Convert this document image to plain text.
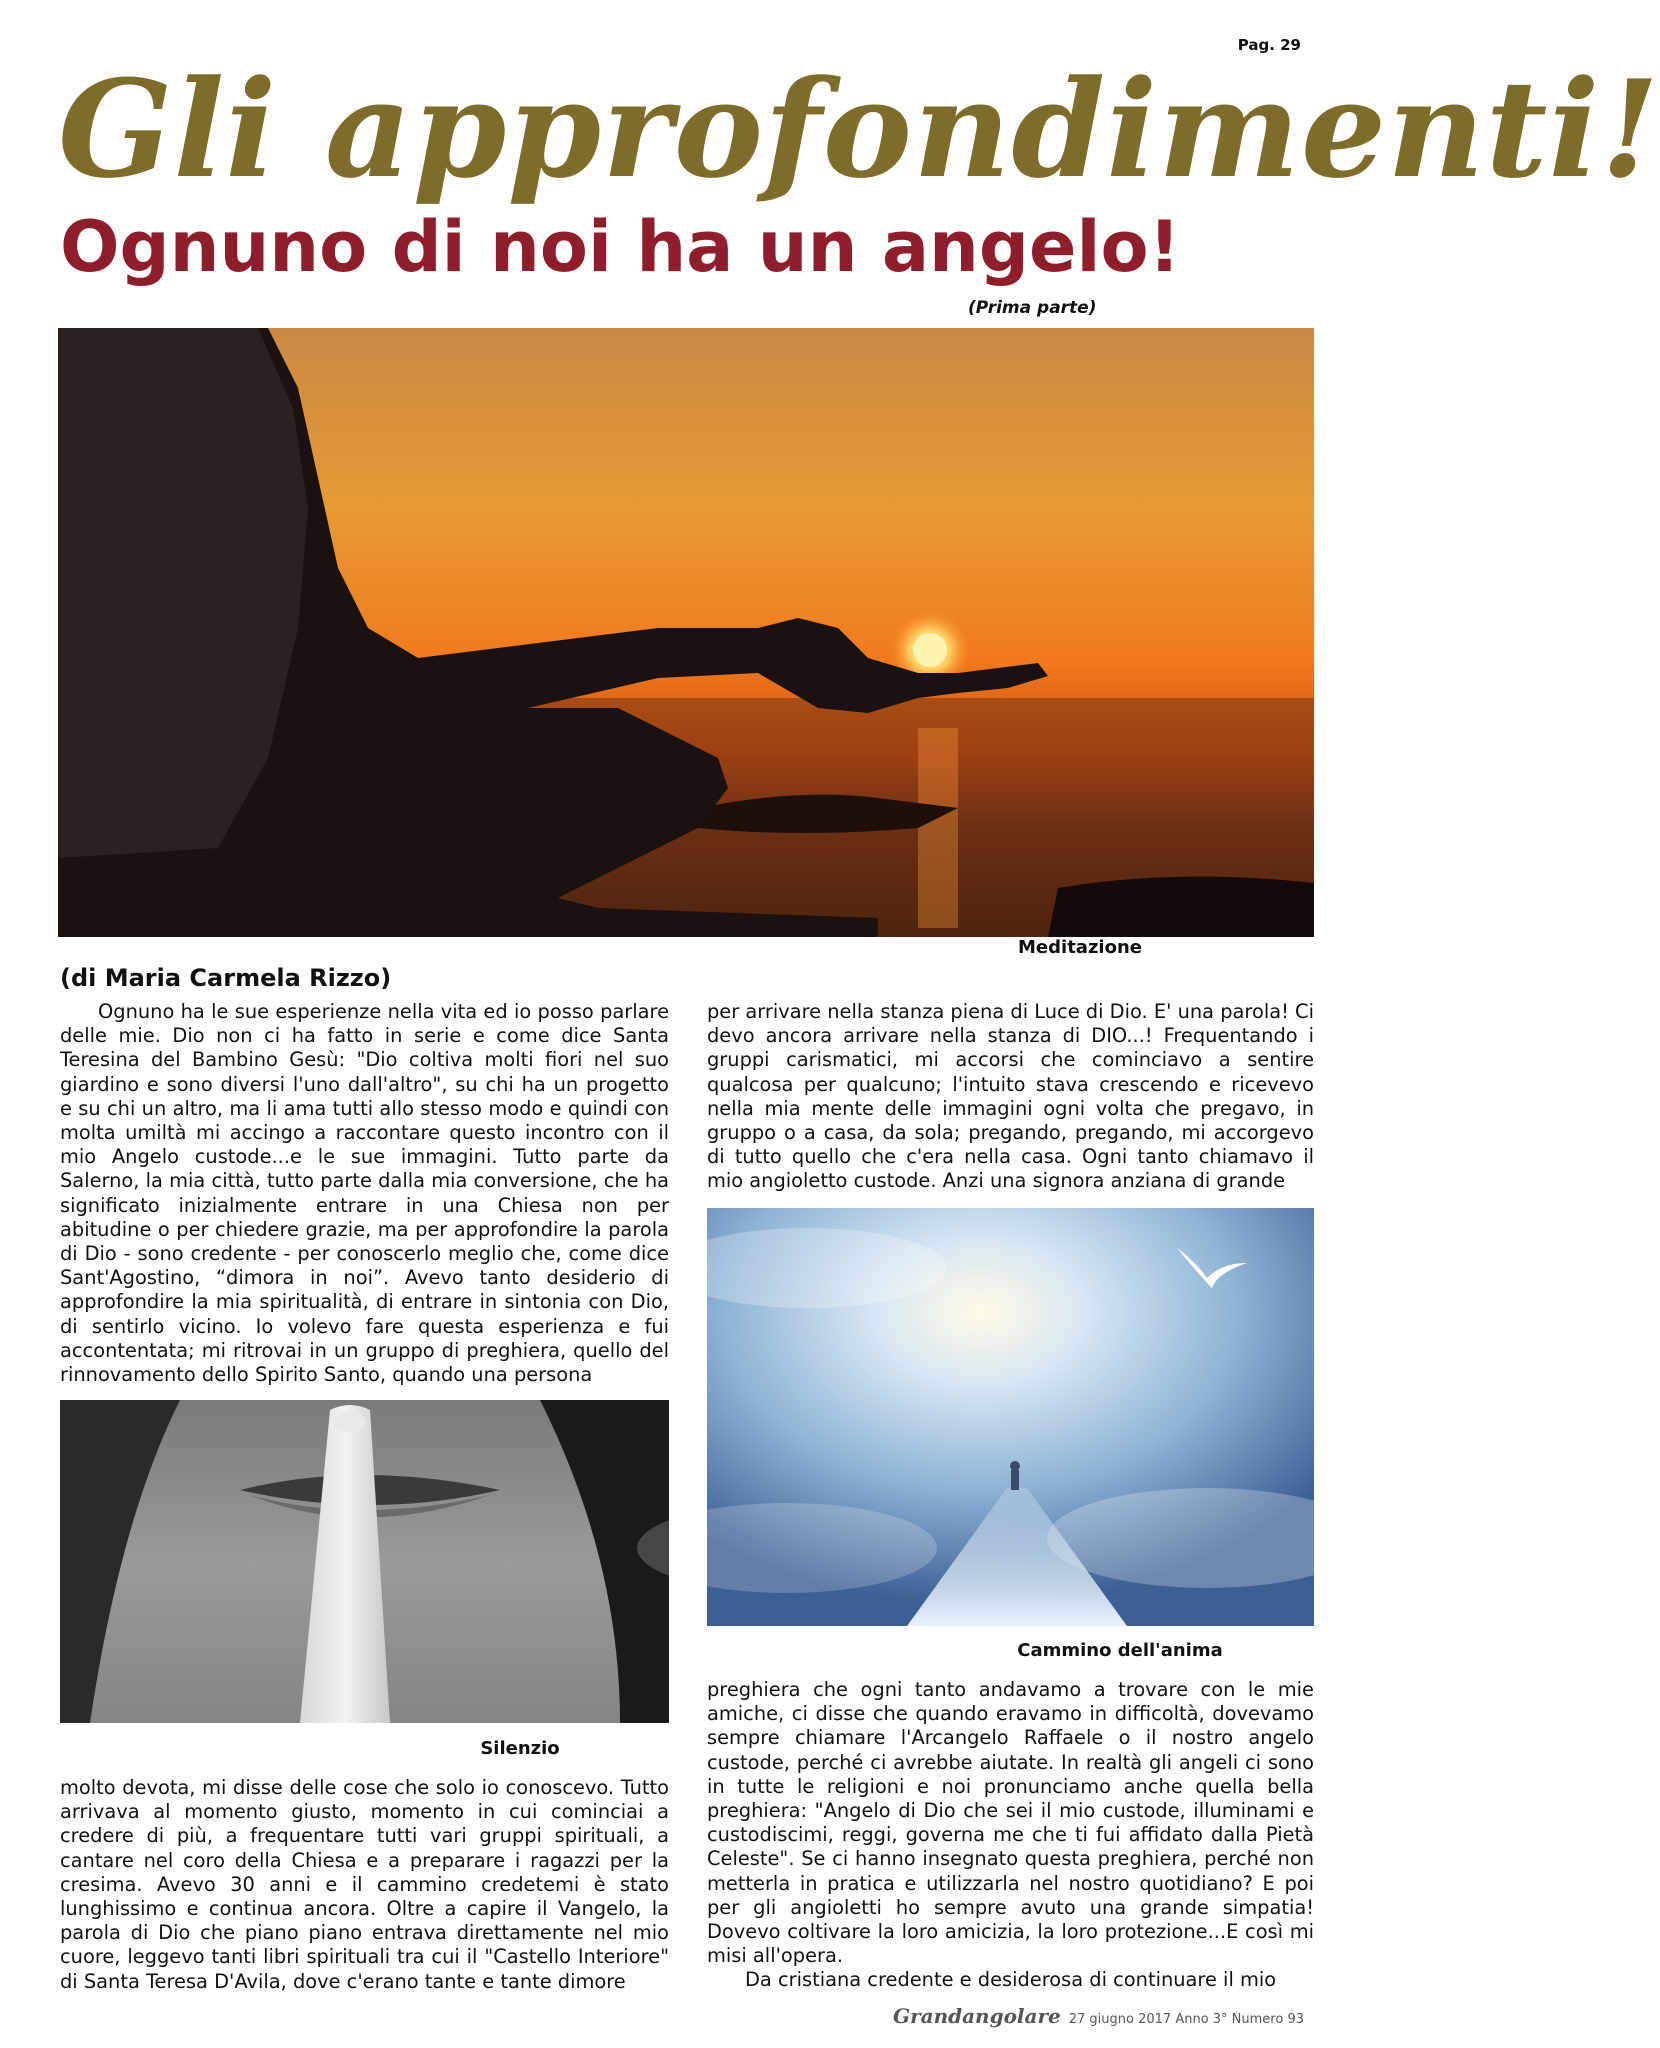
Pag. 29
Gli approfondimenti!
Ognuno di noi ha un angelo!
(Prima parte)
Meditazione
(di Maria Carmela Rizzo)

Ognuno ha le sue esperienze nella vita ed io posso parlare delle mie. Dio non ci ha fatto in serie e come dice Santa Teresina del Bambino Gesù: "Dio coltiva molti fiori nel suo giardino e sono diversi l'uno dall'altro", su chi ha un progetto e su chi un altro, ma li ama tutti allo stesso modo e quindi con molta umiltà mi accingo a raccontare questo incontro con il mio Angelo custode...e le sue immagini. Tutto parte da Salerno, la mia città, tutto parte dalla mia conversione, che ha significato inizialmente entrare in una Chiesa non per abitudine o per chiedere grazie, ma per approfondire la parola di Dio - sono credente - per conoscerlo meglio che, come dice Sant'Agostino, “dimora in noi”. Avevo tanto desiderio di approfondire la mia spiritualità, di entrare in sintonia con Dio, di sentirlo vicino. Io volevo fare questa esperienza e fui accontentata; mi ritrovai in un gruppo di preghiera, quello del rinnovamento dello Spirito Santo, quando una persona

Silenzio

molto devota, mi disse delle cose che solo io conoscevo. Tutto arrivava al momento giusto, momento in cui cominciai a credere di più, a frequentare tutti vari gruppi spirituali, a cantare nel coro della Chiesa e a preparare i ragazzi per la cresima. Avevo 30 anni e il cammino credetemi è stato lunghissimo e continua ancora. Oltre a capire il Vangelo, la parola di Dio che piano piano entrava direttamente nel mio cuore, leggevo tanti libri spirituali tra cui il "Castello Interiore" di Santa Teresa D'Avila, dove c'erano tante e tante dimore

per arrivare nella stanza piena di Luce di Dio. E' una parola! Ci devo ancora arrivare nella stanza di DIO...! Frequentando i gruppi carismatici, mi accorsi che cominciavo a sentire qualcosa per qualcuno; l'intuito stava crescendo e ricevevo nella mia mente delle immagini ogni volta che pregavo, in gruppo o a casa, da sola; pregando, pregando, mi accorgevo di tutto quello che c'era nella casa. Ogni tanto chiamavo il mio angioletto custode. Anzi una signora anziana di grande

Cammino dell'anima

preghiera che ogni tanto andavamo a trovare con le mie amiche, ci disse che quando eravamo in difficoltà, dovevamo sempre chiamare l'Arcangelo Raffaele o il nostro angelo custode, perché ci avrebbe aiutate. In realtà gli angeli ci sono in tutte le religioni e noi pronunciamo anche quella bella preghiera: "Angelo di Dio che sei il mio custode, illuminami e custodiscimi, reggi, governa me che ti fui affidato dalla Pietà Celeste". Se ci hanno insegnato questa preghiera, perché non metterla in pratica e utilizzarla nel nostro quotidiano? E poi per gli angioletti ho sempre avuto una grande simpatia! Dovevo coltivare la loro amicizia, la loro protezione...E così mi misi all'opera.

Da cristiana credente e desiderosa di continuare il mio

Grandangolare 27 giugno 2017 Anno 3° Numero 93
